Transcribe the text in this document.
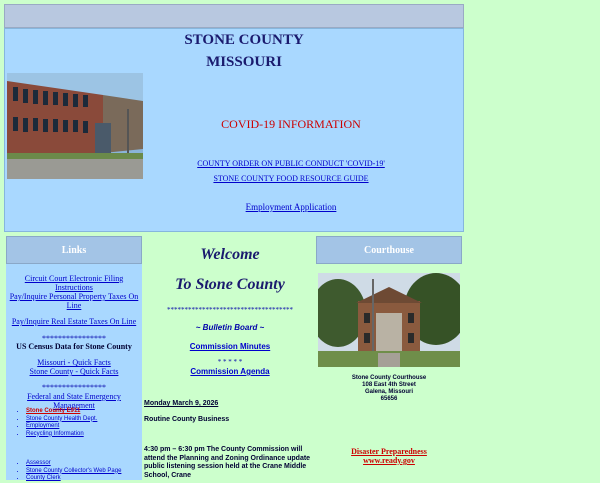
STONE COUNTY
MISSOURI
COVID-19 INFORMATION
COUNTY ORDER ON PUBLIC CONDUCT 'COVID-19'
STONE COUNTY FOOD RESOURCE GUIDE
Employment Application
Links
Circuit Court Electronic Filing Instructions
Pay/Inquire Personal Property Taxes On Line
Pay/Inquire Real Estate Taxes On Line
****************
US Census Data for Stone County
Missouri - Quick Facts
Stone County - Quick Facts
****************
Federal and State Emergency Management
• Stone County E911
• Stone County Health Dept.
• Employment
• Recycling Information
• Assessor
• Stone County Collector's Web Page
• County Clerk
Welcome
To Stone County
************************************
~ Bulletin Board ~
Commission Minutes
* * * * *
Commission Agenda
Monday March 9, 2026
Routine County Business
4:30 pm – 6:30 pm The County Commission will attend the Planning and Zoning Ordinance update public listening session held at the Crane Middle School, Crane
Courthouse
Stone County Courthouse
108 East 4th Street
Galena, Missouri
65656
Disaster Preparedness
www.ready.gov
